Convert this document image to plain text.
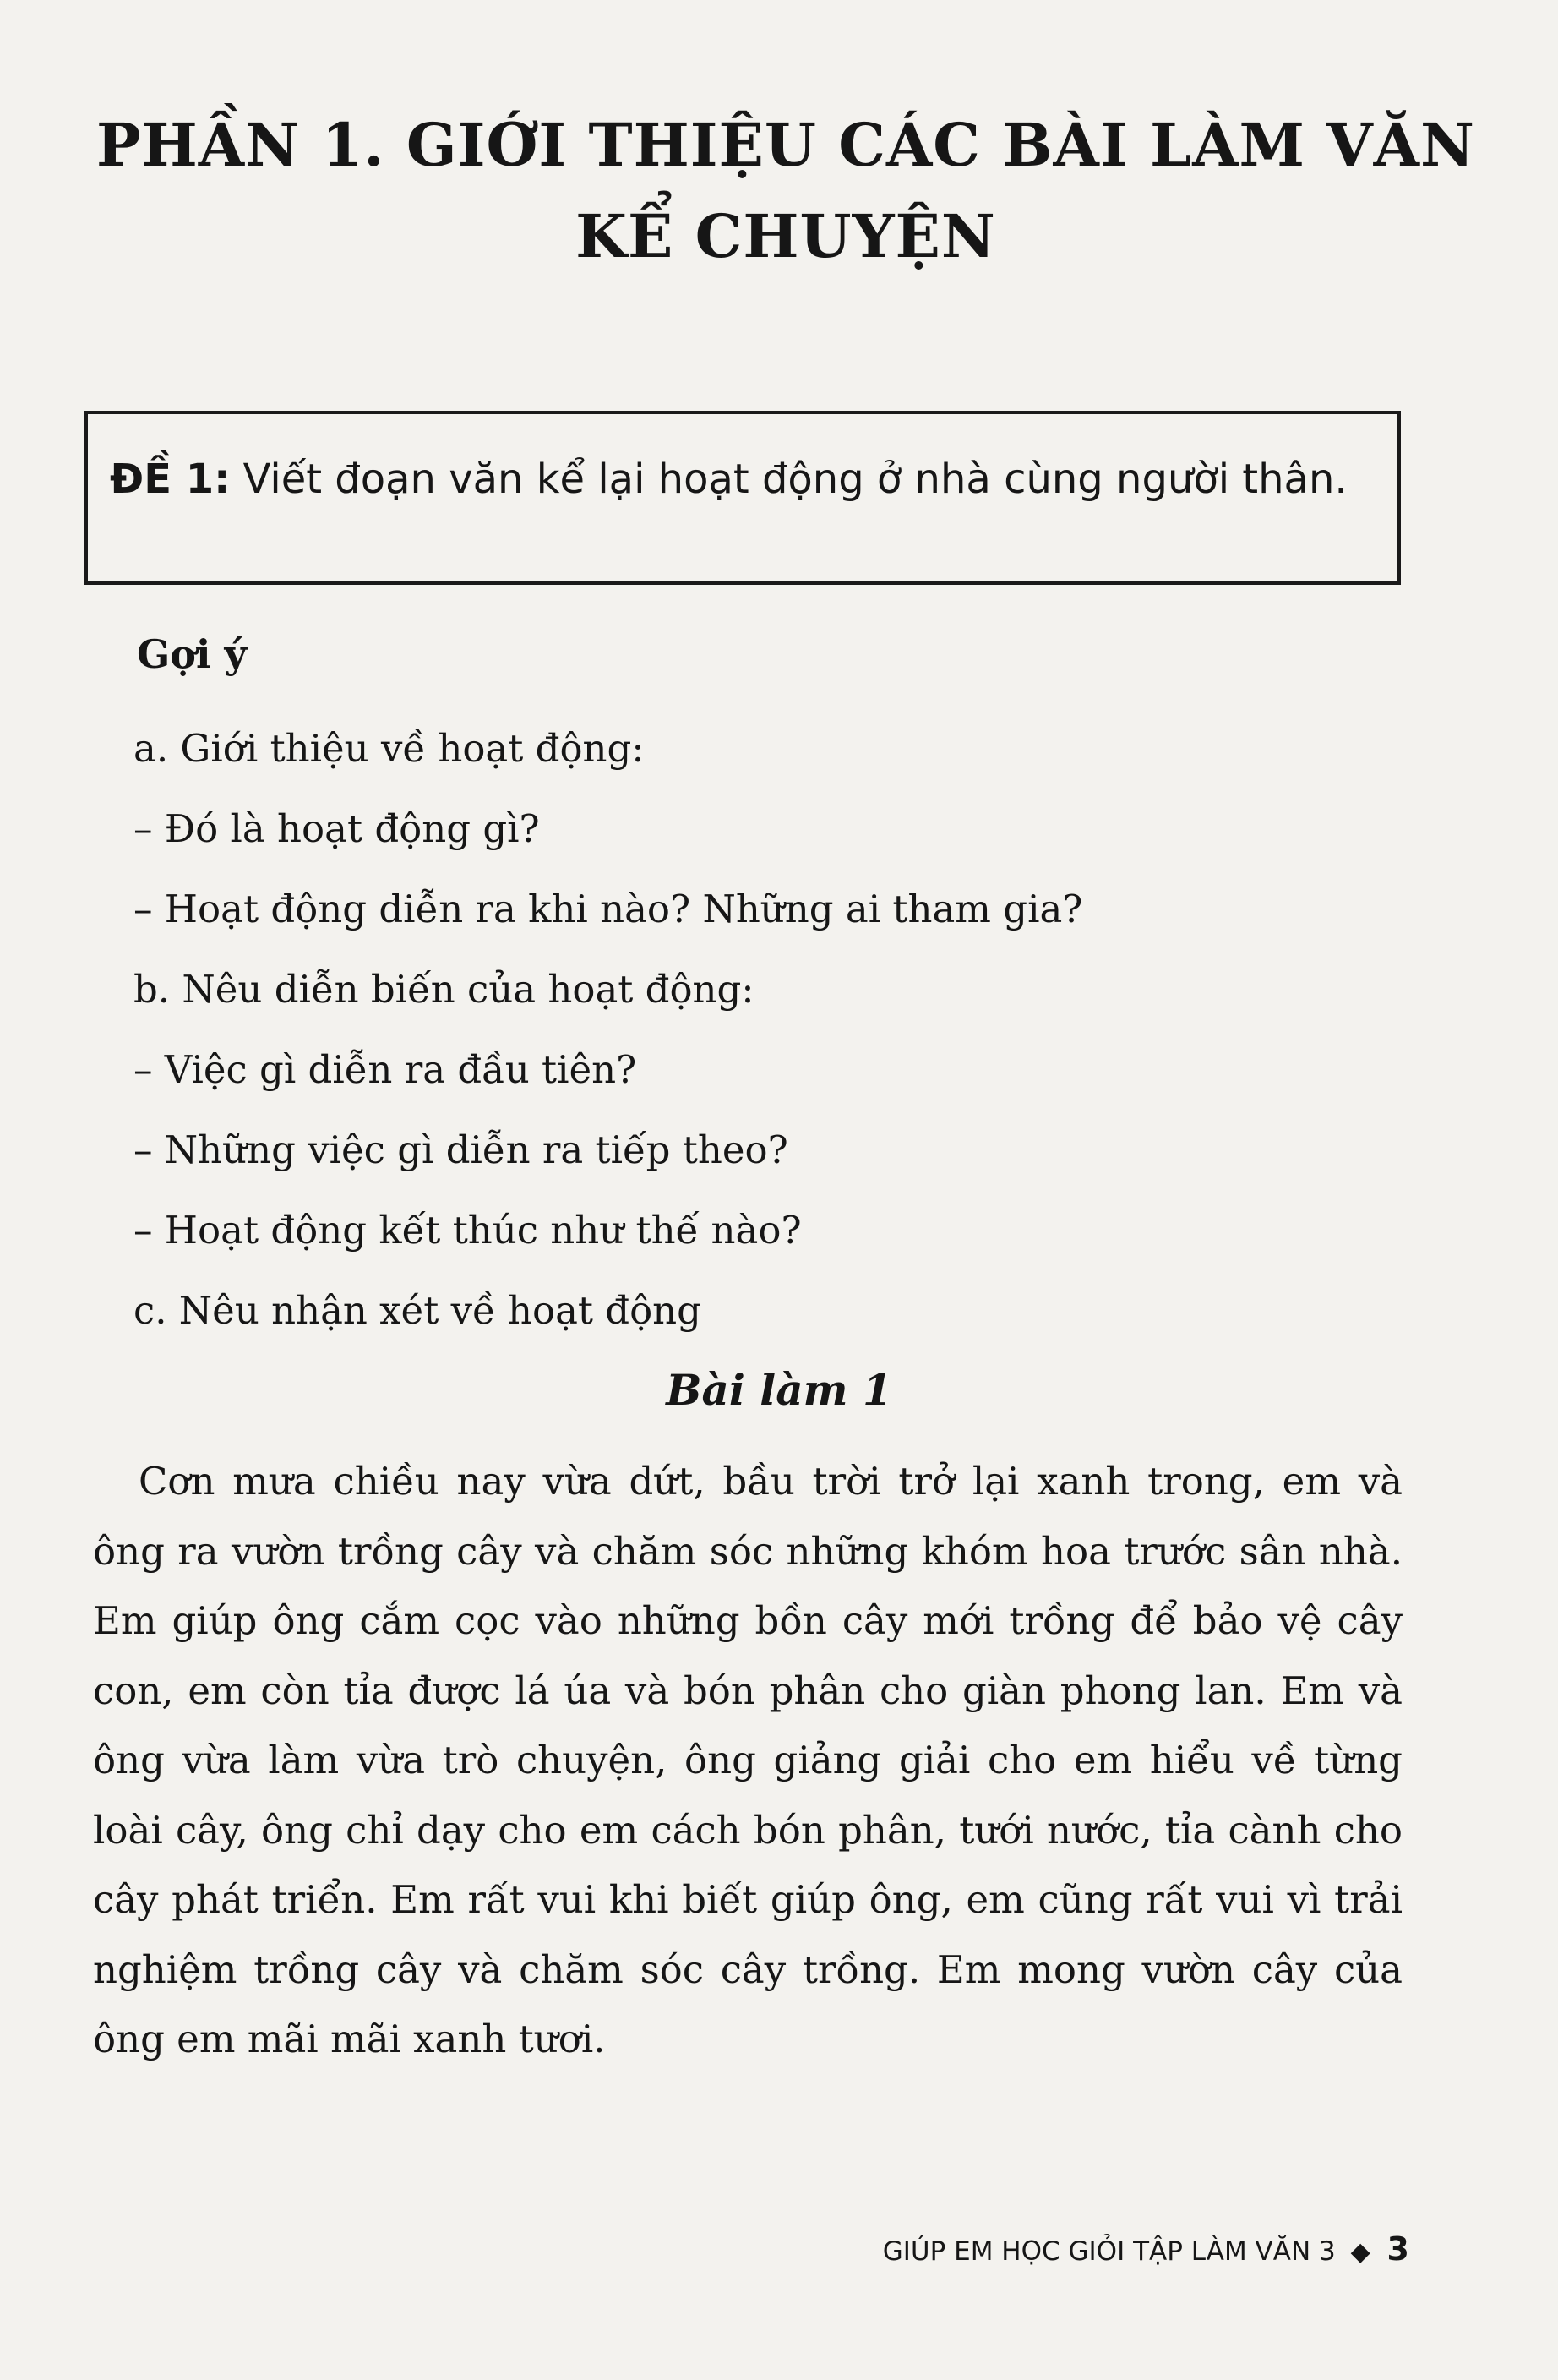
PHẦN 1. GIỚI THIỆU CÁC BÀI LÀM VĂN KỂ CHUYỆN
ĐỀ 1: Viết đoạn văn kể lại hoạt động ở nhà cùng người thân.
Gợi ý
a. Giới thiệu về hoạt động:
– Đó là hoạt động gì?
– Hoạt động diễn ra khi nào? Những ai tham gia?
b. Nêu diễn biến của hoạt động:
– Việc gì diễn ra đầu tiên?
– Những việc gì diễn ra tiếp theo?
– Hoạt động kết thúc như thế nào?
c. Nêu nhận xét về hoạt động
Bài làm 1

Cơn mưa chiều nay vừa dứt, bầu trời trở lại xanh trong, em và ông ra vườn trồng cây và chăm sóc những khóm hoa trước sân nhà. Em giúp ông cắm cọc vào những bồn cây mới trồng để bảo vệ cây con, em còn tỉa được lá úa và bón phân cho giàn phong lan. Em và ông vừa làm vừa trò chuyện, ông giảng giải cho em hiểu về từng loài cây, ông chỉ dạy cho em cách bón phân, tưới nước, tỉa cành cho cây phát triển. Em rất vui khi biết giúp ông, em cũng rất vui vì trải nghiệm trồng cây và chăm sóc cây trồng. Em mong vườn cây của ông em mãi mãi xanh tươi.

GIÚP EM HỌC GIỎI TẬP LÀM VĂN 3 ◆ 3
